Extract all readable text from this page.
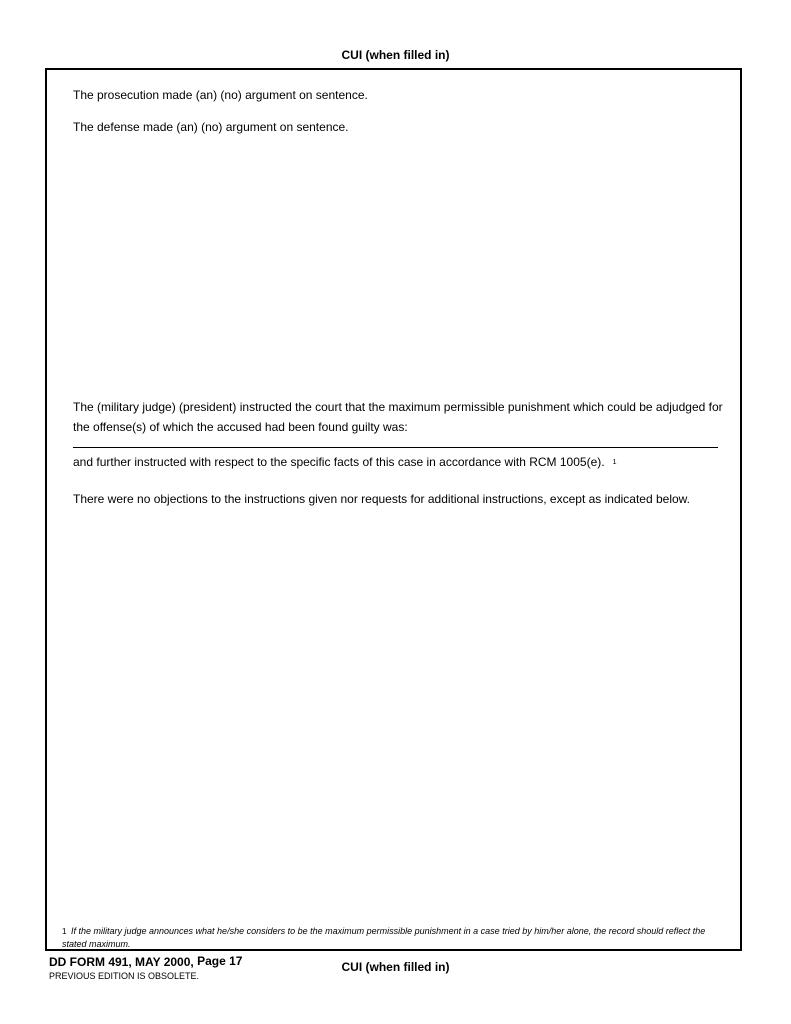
CUI (when filled in)

The prosecution made (an) (no) argument on sentence.

The defense made (an) (no) argument on sentence.

The (military judge) (president) instructed the court that the maximum permissible punishment which could be adjudged for the offense(s) of which the accused had been found guilty was:

and further instructed with respect to the specific facts of this case in accordance with RCM 1005(e). $^1$

There were no objections to the instructions given nor requests for additional instructions, except as indicated below.

1 If the military judge announces what he/she considers to be the maximum permissible punishment in a case tried by him/her alone, the record should reflect the stated maximum.
DD FORM 491, MAY 2000, Page 17
PREVIOUS EDITION IS OBSOLETE.
CUI (when filled in)
